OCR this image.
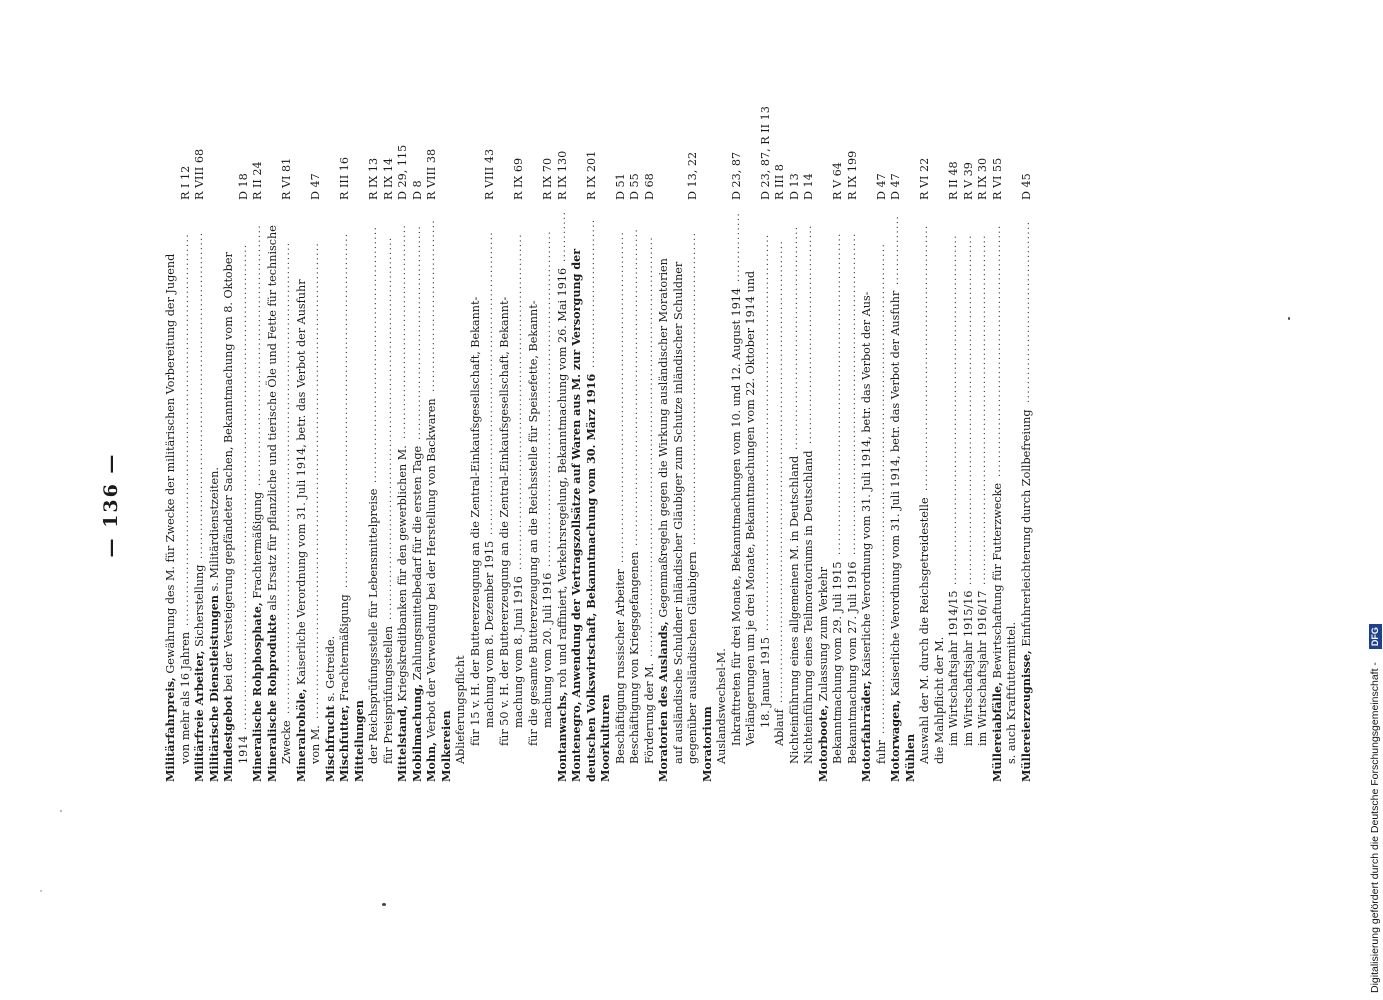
— 136 —
Militärfahrpreis, Gewährung des M. für Zwecke der militärischen Vorbereitung der Jugend
von mehr als 16 Jahren
R I 12
....................................................................................
Militärfreie Arbeiter, Sicherstellung
R VIII 68
......................................................................
Militärische Dienstleistungen s. Militärdienstzeiten.
Mindestgebot bei der Versteigerung gepfändeter Sachen, Bekanntmachung vom 8. Oktober
1914
D 18
........................................................................................................ Mineralische Rohphosphate, Frachtermäßigung
R II 24
........................................................
Mineralische Rohprodukte als Ersatz für pflanzliche und tierische Öle und Fette für technische
Zwecke
R VI 81
.....................................................................................................
Mineralrohöle, Kaiserliche Verordnung vom 31. Juli 1914, betr. das Verbot der Ausfuhr
von M.
D 47
......................................................................................................
Mischfrucht s. Getreide.
Mischfutter, Frachtermäßigung
R III 16
............................................................................
Mitteilungen der Reichsprüfungsstelle für Lebensmittelpreise
R IX 13
.......................................................
für Preisprüfungsstellen
R IX 14
..................................................................................
Mittelstand, Kriegskreditbanken für den gewerblichen M.
D 29, 115
..............................................
Mobilmachung, Zahlungsmittelbedarf für die ersten Tage
D 8
..............................................
Mohn, Verbot der Verwendung bei der Herstellung von Backwaren
R VIII 38
.....................................
Molkereien Ablieferungspflicht für 15 v. H. der Buttererzeugung an die Zentral-Einkaufsgesellschaft, Bekannt- machung vom 8. Dezember 1915
R VIII 43
................................................................. für 50 v. H. der Buttererzeugung an die Zentral-Einkaufsgesellschaft, Bekannt- machung vom 8. Juni 1916
R IX 69
........................................................................ für die gesamte Buttererzeugung an die Reichsstelle für Speisefette, Bekannt- machung vom 20. Juli 1916
R IX 70
........................................................................
Montanwachs, roh und raffiniert, Verkehrsregelung, Bekanntmachung vom 26. Mai 1916
R IX 130
...........
Montenegro, Anwendung der Vertragszollsätze auf Waren aus M. zur Versorgung der deutschen Volkswirtschaft, Bekanntmachung vom 30. März 1916
R IX 201
................................
Moorkulturen Beschäftigung russischer Arbeiter
D 51
.......................................................................
Beschäftigung von Kriegsgefangenen
D 55
....................................................................
Förderung der M.
D 68
..........................................................................................
Moratorien des Auslands, Gegenmaßregeln gegen die Wirkung ausländischer Moratorien auf ausländische Schuldner inländischer Gläubiger zum Schutze inländischer Schuldner gegenüber ausländischen Gläubigern
D 13, 22
...................................................................
Moratorium Auslandswechsel-M. Inkrafttreten für drei Monate, Bekanntmachungen vom 10. und 12. August 1914
D 23, 87
...............
Verlängerungen um je drei Monate, Bekanntmachungen vom 22. Oktober 1914 und 18. Januar 1915
D 23, 87, R II 13
.....................................................................................
Ablauf
R III 8
................................................................................................... Nichteinführung eines allgemeinen M. in Deutschland
D 13
................................................
Nichteinführung eines Teilmoratoriums in Deutschland
D 14
...............................................
Motorboote, Zulassung zum Verkehr Bekanntmachung vom 29. Juli 1915
R V 64
.....................................................................
Bekanntmachung vom 27. Juli 1916
R IX 199
.....................................................................
Motorfahrräder, Kaiserliche Verordnung vom 31. Juli 1914, betr. das Verbot der Aus-
fuhr
D 47
.........................................................................................................
Motorwagen, Kaiserliche Verordnung vom 31. Juli 1914, betr. das Verbot der Ausfuhr
D 47
...............
Mühlen Auswahl der M. durch die Reichsgetreidestelle
R VI 22
.........................................................
die Mahlpflicht der M. im Wirtschaftsjahr 1914/15
R II 48
...........................................................................
im Wirtschaftsjahr 1915/16
R V 39
...........................................................................
im Wirtschaftsjahr 1916/17
R IX 30
...........................................................................
Müllereiabfälle, Bewirtschaftung für Futterzwecke
R VI 55
......................................................
s. auch Kraftfuttermittel. Müllereierzeugnisse, Einfuhrerleichterung durch Zollbefreiung
D 45
.......................................
Digitalisierung gefördert durch die Deutsche Forschungsgemeinschaft - DFG
